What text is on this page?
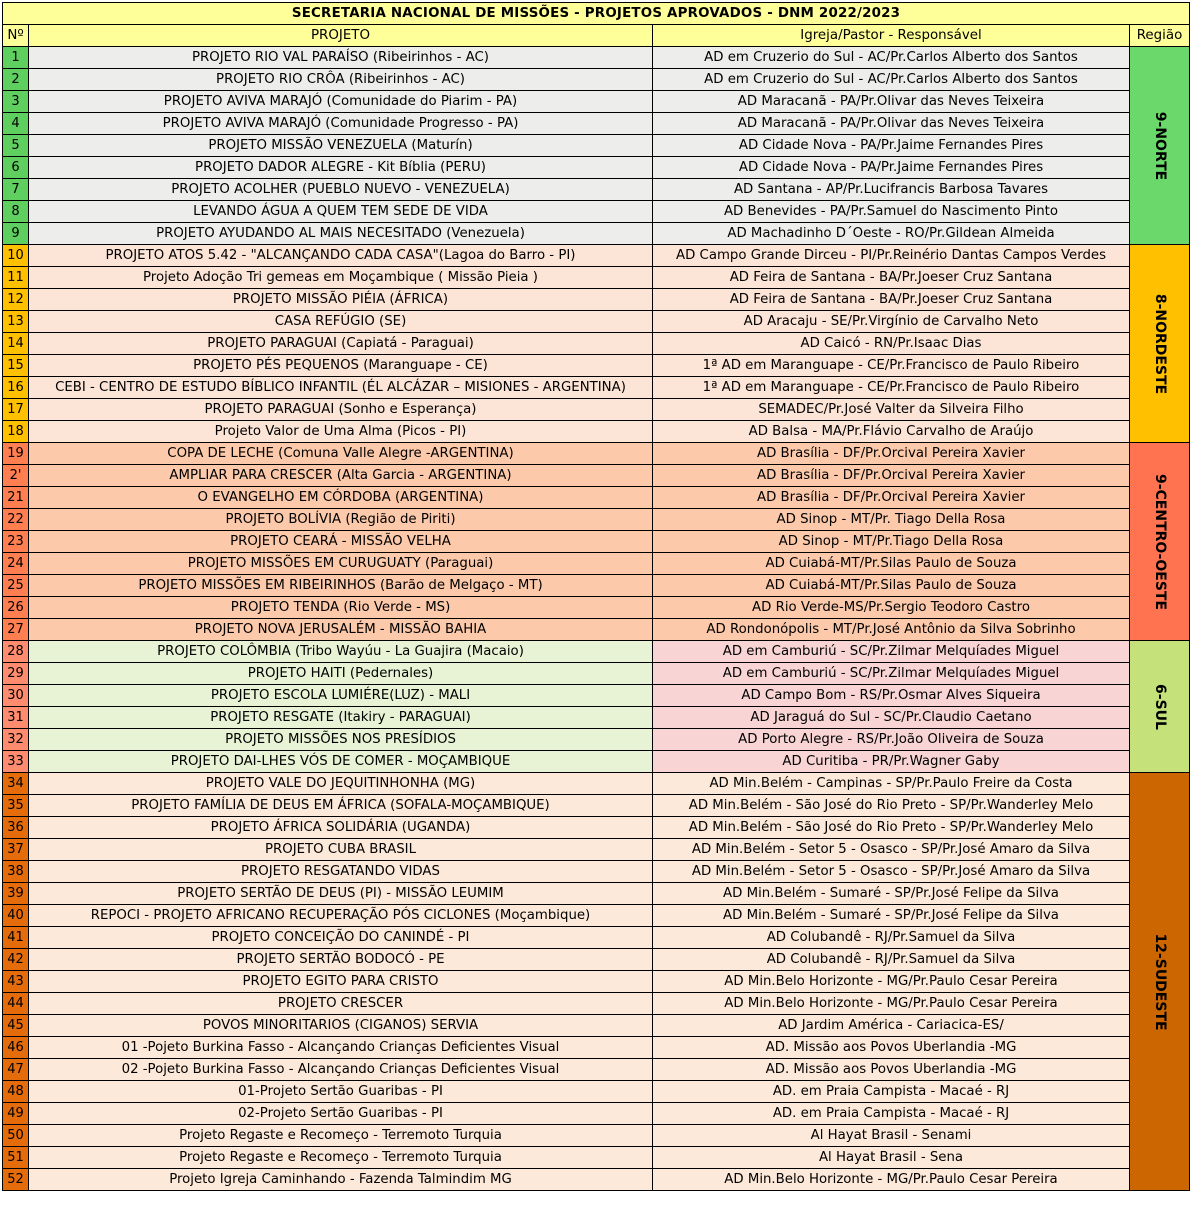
SECRETARIA NACIONAL DE MISSÕES - PROJETOS APROVADOS - DNM 2022/2023			
Nº	PROJETO	Igreja/Pastor - Responsável	Região
1	PROJETO RIO VAL PARAÍSO (Ribeirinhos - AC)	AD em Cruzerio do Sul - AC/Pr.Carlos Alberto dos Santos	9-NORTE

2	PROJETO RIO CRÔA (Ribeirinhos - AC)	AD em Cruzerio do Sul - AC/Pr.Carlos Alberto dos Santos	
3	PROJETO AVIVA MARAJÓ (Comunidade do Piarim - PA)	AD Maracanã - PA/Pr.Olivar das Neves Teixeira	
4	PROJETO AVIVA MARAJÓ (Comunidade Progresso - PA)	AD Maracanã - PA/Pr.Olivar das Neves Teixeira	
5	PROJETO MISSÃO VENEZUELA (Maturín)	AD Cidade Nova - PA/Pr.Jaime Fernandes Pires	
6	PROJETO DADOR ALEGRE - Kit Bíblia (PERU)	AD Cidade Nova - PA/Pr.Jaime Fernandes Pires	
7	PROJETO ACOLHER (PUEBLO NUEVO - VENEZUELA)	AD Santana - AP/Pr.Lucifrancis Barbosa Tavares	
8	LEVANDO ÁGUA A QUEM TEM SEDE DE VIDA	AD Benevides - PA/Pr.Samuel do Nascimento Pinto	
9	PROJETO AYUDANDO AL MAIS NECESITADO (Venezuela)	AD Machadinho D´Oeste - RO/Pr.Gildean Almeida	
10	PROJETO ATOS 5.42 - "ALCANÇANDO CADA CASA"(Lagoa do Barro - PI)	AD Campo Grande Dirceu - PI/Pr.Reinério Dantas Campos Verdes	8-NORDESTE

11	Projeto Adoção Tri gemeas em Moçambique ( Missão Pieia )	AD Feira de Santana - BA/Pr.Joeser Cruz Santana	
12	PROJETO MISSÃO PIÉIA (ÁFRICA)	AD Feira de Santana - BA/Pr.Joeser Cruz Santana	
13	CASA REFÚGIO (SE)	AD Aracaju - SE/Pr.Virgínio de Carvalho Neto	
14	PROJETO PARAGUAI (Capiatá - Paraguai)	AD Caicó - RN/Pr.Isaac Dias	
15	PROJETO PÉS PEQUENOS (Maranguape - CE)	1ª AD em Maranguape - CE/Pr.Francisco de Paulo Ribeiro	
16	CEBI - CENTRO DE ESTUDO BÍBLICO INFANTIL (ÉL ALCÁZAR – MISIONES - ARGENTINA)	1ª AD em Maranguape - CE/Pr.Francisco de Paulo Ribeiro	
17	PROJETO PARAGUAI (Sonho e Esperança)	SEMADEC/Pr.José Valter da Silveira Filho	
18	Projeto Valor de Uma Alma (Picos - PI)	AD Balsa - MA/Pr.Flávio Carvalho de Araújo	
19	COPA DE LECHE (Comuna Valle Alegre -ARGENTINA)	AD Brasília - DF/Pr.Orcival Pereira Xavier	9-CENTRO-OESTE

2'	AMPLIAR PARA CRESCER (Alta Garcia - ARGENTINA)	AD Brasília - DF/Pr.Orcival Pereira Xavier	
21	O EVANGELHO EM CÓRDOBA (ARGENTINA)	AD Brasília - DF/Pr.Orcival Pereira Xavier	
22	PROJETO BOLÍVIA (Região de Piriti)	AD Sinop - MT/Pr. Tiago Della Rosa	
23	PROJETO CEARÁ - MISSÃO VELHA	AD Sinop - MT/Pr.Tiago Della Rosa	
24	PROJETO MISSÕES EM CURUGUATY (Paraguai)	AD Cuiabá-MT/Pr.Silas Paulo de Souza	
25	PROJETO MISSÕES EM RIBEIRINHOS (Barão de Melgaço - MT)	AD Cuiabá-MT/Pr.Silas Paulo de Souza	
26	PROJETO TENDA (Rio Verde - MS)	AD Rio Verde-MS/Pr.Sergio Teodoro Castro	
27	PROJETO NOVA JERUSALÉM - MISSÃO BAHIA	AD Rondonópolis - MT/Pr.José Antônio da Silva Sobrinho	
28	PROJETO COLÔMBIA (Tribo Wayúu - La Guajira (Macaio)	AD em Camburiú - SC/Pr.Zilmar Melquíades Miguel	6-SUL

29	PROJETO HAITI (Pedernales)	AD em Camburiú - SC/Pr.Zilmar Melquíades Miguel	
30	PROJETO ESCOLA LUMIÉRE(LUZ) - MALI	AD Campo Bom - RS/Pr.Osmar Alves Siqueira	
31	PROJETO RESGATE (Itakiry - PARAGUAI)	AD Jaraguá do Sul - SC/Pr.Claudio Caetano	
32	PROJETO MISSÕES NOS PRESÍDIOS	AD Porto Alegre - RS/Pr.João Oliveira de Souza	
33	PROJETO DAI-LHES VÓS DE COMER - MOÇAMBIQUE	AD Curitiba - PR/Pr.Wagner Gaby	
34	PROJETO VALE DO JEQUITINHONHA (MG)	AD Min.Belém - Campinas - SP/Pr.Paulo Freire da Costa	12-SUDESTE

35	PROJETO FAMÍLIA DE DEUS EM ÁFRICA (SOFALA-MOÇAMBIQUE)	AD Min.Belém - São José do Rio Preto - SP/Pr.Wanderley Melo	
36	PROJETO ÁFRICA SOLIDÁRIA (UGANDA)	AD Min.Belém - São José do Rio Preto - SP/Pr.Wanderley Melo	
37	PROJETO CUBA BRASIL	AD Min.Belém - Setor 5 - Osasco - SP/Pr.José Amaro da Silva	
38	PROJETO RESGATANDO VIDAS	AD Min.Belém - Setor 5 - Osasco - SP/Pr.José Amaro da Silva	
39	PROJETO SERTÃO DE DEUS (PI) - MISSÃO LEUMIM	AD Min.Belém - Sumaré - SP/Pr.José Felipe da Silva	
40	REPOCI - PROJETO AFRICANO RECUPERAÇÃO PÓS CICLONES (Moçambique)	AD Min.Belém - Sumaré - SP/Pr.José Felipe da Silva	
41	PROJETO CONCEIÇÃO DO CANINDÉ - PI	AD Colubandê - RJ/Pr.Samuel da Silva	
42	PROJETO SERTÃO BODOCÓ - PE	AD Colubandê - RJ/Pr.Samuel da Silva	
43	PROJETO EGITO PARA CRISTO	AD Min.Belo Horizonte - MG/Pr.Paulo Cesar Pereira	
44	PROJETO CRESCER	AD Min.Belo Horizonte - MG/Pr.Paulo Cesar Pereira	
45	POVOS MINORITARIOS (CIGANOS) SERVIA	AD Jardim América - Cariacica-ES/	
46	01 -Pojeto Burkina Fasso - Alcançando Crianças Deficientes Visual	AD. Missão aos Povos Uberlandia -MG	
47	02 -Pojeto Burkina Fasso - Alcançando Crianças Deficientes Visual	AD. Missão aos Povos Uberlandia -MG	
48	01-Projeto Sertão Guaribas - PI	AD. em Praia Campista - Macaé - RJ	
49	02-Projeto Sertão Guaribas - PI	AD. em Praia Campista - Macaé - RJ	
50	Projeto Regaste e Recomeço - Terremoto Turquia	Al Hayat Brasil - Senami	
51	Projeto Regaste e Recomeço - Terremoto Turquia	Al Hayat Brasil - Sena	
52	Projeto Igreja Caminhando - Fazenda Talmindim MG	AD Min.Belo Horizonte - MG/Pr.Paulo Cesar Pereira	
